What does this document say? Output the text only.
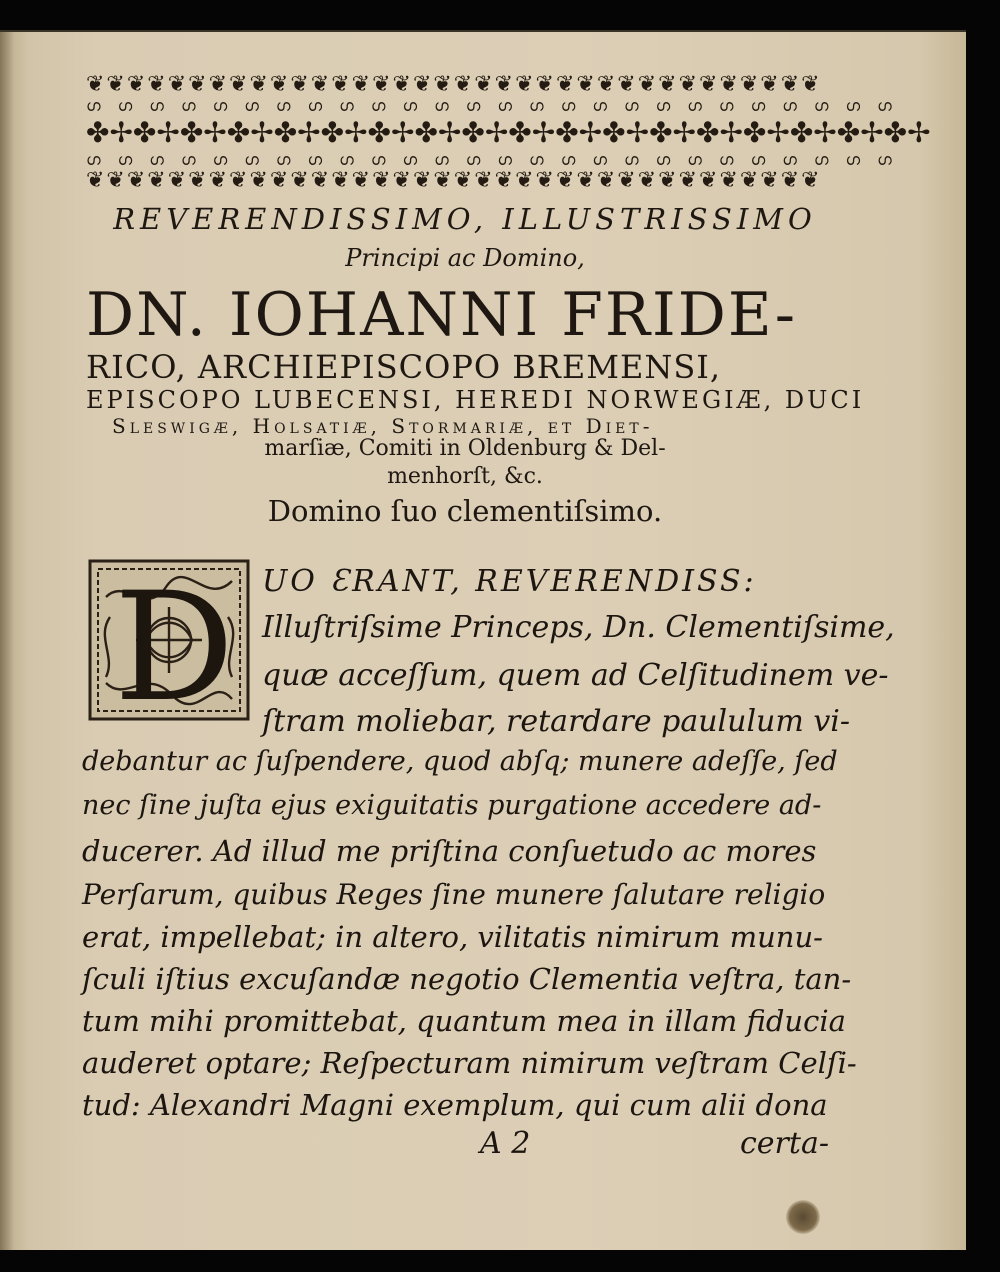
❦❦❦❦❦❦❦❦❦❦❦❦❦❦❦❦❦❦❦❦❦❦❦❦❦❦❦❦❦❦❦❦❦❦❦❦
ഗ ഗ ഗ ഗ ഗ ഗ ഗ ഗ ഗ ഗ ഗ ഗ ഗ ഗ ഗ ഗ ഗ ഗ ഗ ഗ ഗ ഗ ഗ ഗ ഗ ഗ
✤✢✤✢✤✢✤✢✤✢✤✢✤✢✤✢✤✢✤✢✤✢✤✢✤✢✤✢✤✢✤✢✤✢✤✢
ഗ ഗ ഗ ഗ ഗ ഗ ഗ ഗ ഗ ഗ ഗ ഗ ഗ ഗ ഗ ഗ ഗ ഗ ഗ ഗ ഗ ഗ ഗ ഗ ഗ ഗ
❦❦❦❦❦❦❦❦❦❦❦❦❦❦❦❦❦❦❦❦❦❦❦❦❦❦❦❦❦❦❦❦❦❦❦❦
REVERENDISSIMO, ILLUSTRISSIMO
Principi ac Domino,
DN. IOHANNI FRIDE-
RICO, ARCHIEPISCOPO BREMENSI,
EPISCOPO LUBECENSI, HEREDI NORWEGIÆ, DUCI
Sleswigæ, Holsatiæ, Stormariæ, et Diet-
marſiæ, Comiti in Oldenburg & Del-
menhorſt, &c.
Domino ſuo clementiſsimo.
D UO ƐRANT, REVERENDISS:
Illuſtriſsime Princeps, Dn. Clementiſsime,
quæ acceſſum, quem ad Celſitudinem ve-
ſtram moliebar, retardare paululum vi-
debantur ac ſuſpendere, quod abſq; munere adeſſe, ſed
nec ſine juſta ejus exiguitatis purgatione accedere ad-
ducerer. Ad illud me priſtina conſuetudo ac mores
Perſarum, quibus Reges ſine munere ſalutare religio
erat, impellebat; in altero, vilitatis nimirum munu-
ſculi iſtius excuſandæ negotio Clementia veſtra, tan-
tum mihi promittebat, quantum mea in illam fiducia
auderet optare; Reſpecturam nimirum veſtram Celſi-
tud: Alexandri Magni exemplum, qui cum alii dona
A 2	certa-
